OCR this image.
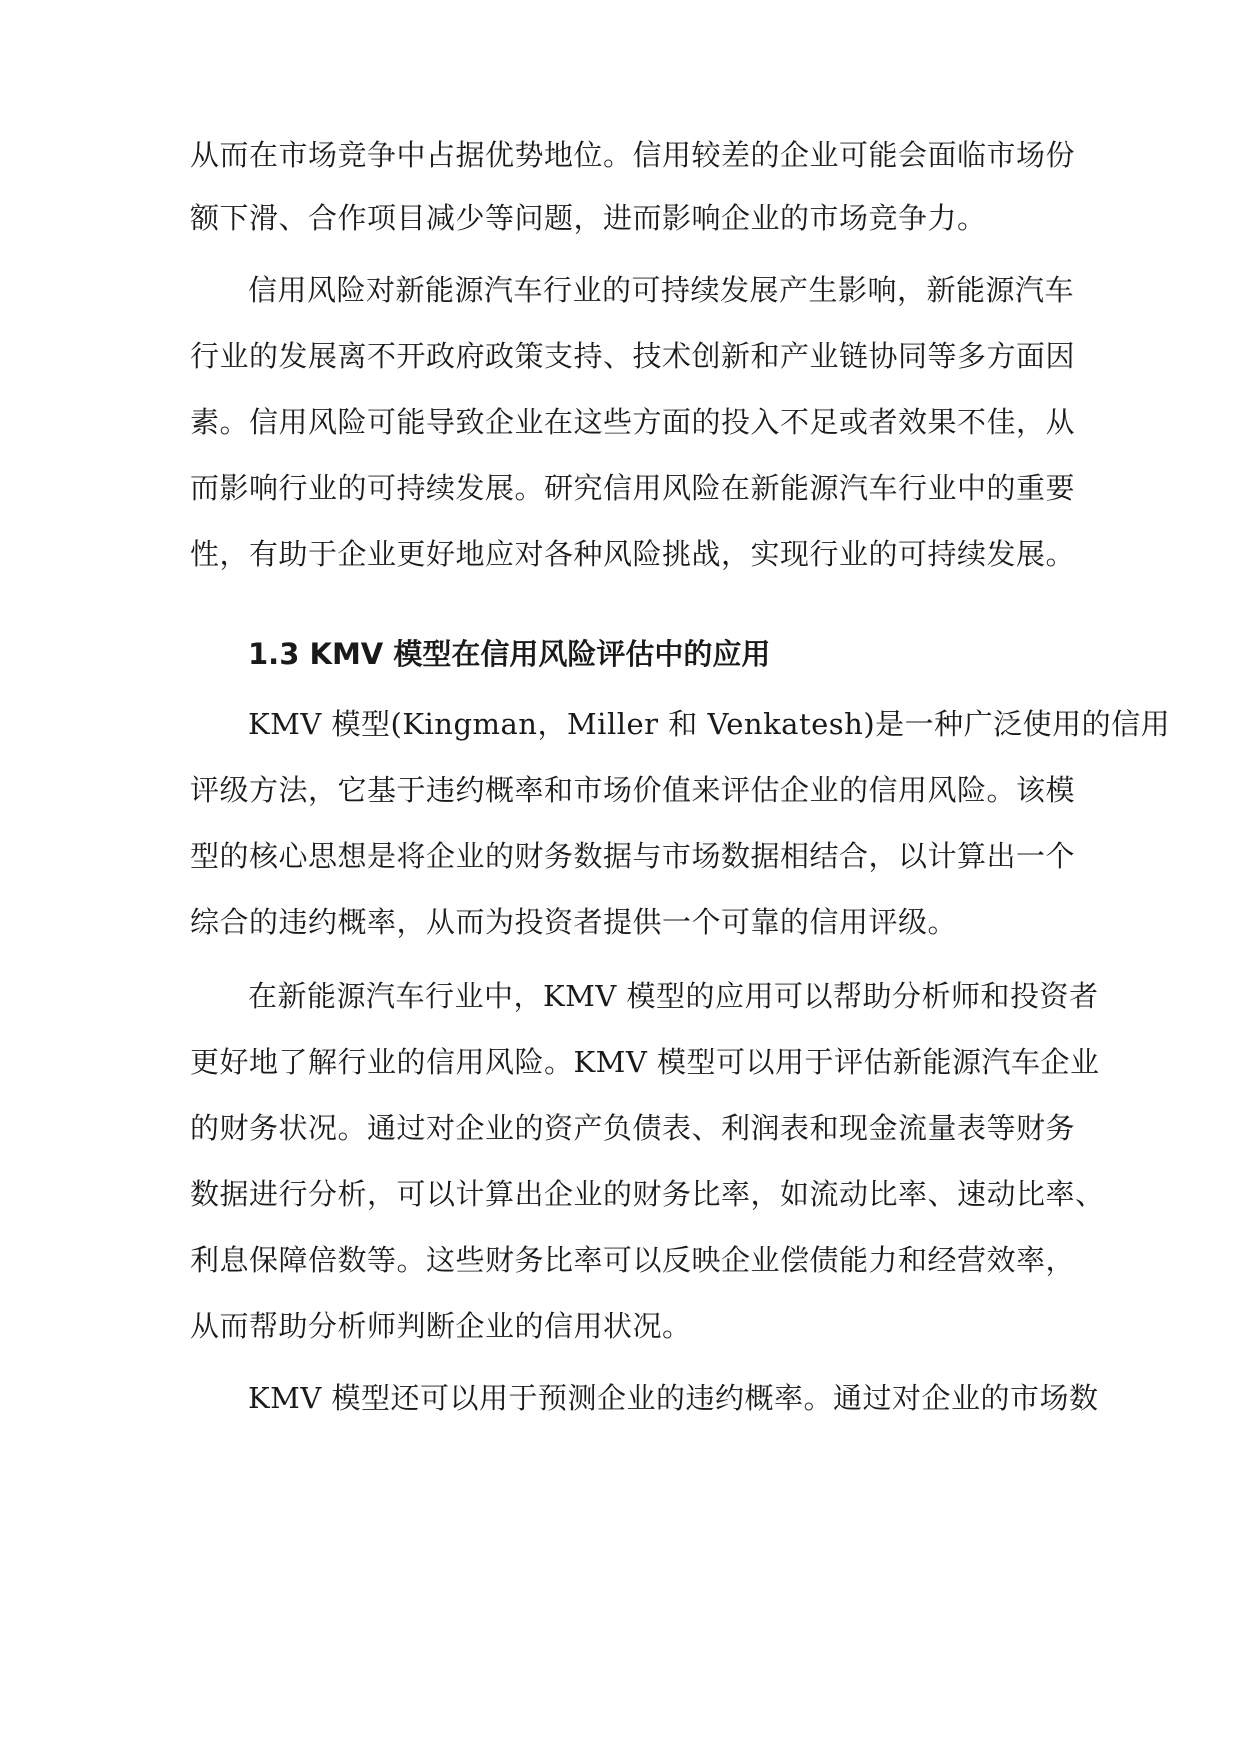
从而在市场竞争中占据优势地位。信用较差的企业可能会面临市场份
额下滑、合作项目减少等问题，进而影响企业的市场竞争力。
信用风险对新能源汽车行业的可持续发展产生影响，新能源汽车
行业的发展离不开政府政策支持、技术创新和产业链协同等多方面因
素。信用风险可能导致企业在这些方面的投入不足或者效果不佳，从
而影响行业的可持续发展。研究信用风险在新能源汽车行业中的重要
性，有助于企业更好地应对各种风险挑战，实现行业的可持续发展。
1.3 KMV 模型在信用风险评估中的应用
KMV 模型(Kingman，Miller 和 Venkatesh)是一种广泛使用的信用
评级方法，它基于违约概率和市场价值来评估企业的信用风险。该模
型的核心思想是将企业的财务数据与市场数据相结合，以计算出一个
综合的违约概率，从而为投资者提供一个可靠的信用评级。
在新能源汽车行业中，KMV 模型的应用可以帮助分析师和投资者
更好地了解行业的信用风险。KMV 模型可以用于评估新能源汽车企业
的财务状况。通过对企业的资产负债表、利润表和现金流量表等财务
数据进行分析，可以计算出企业的财务比率，如流动比率、速动比率、
利息保障倍数等。这些财务比率可以反映企业偿债能力和经营效率，
从而帮助分析师判断企业的信用状况。
KMV 模型还可以用于预测企业的违约概率。通过对企业的市场数
